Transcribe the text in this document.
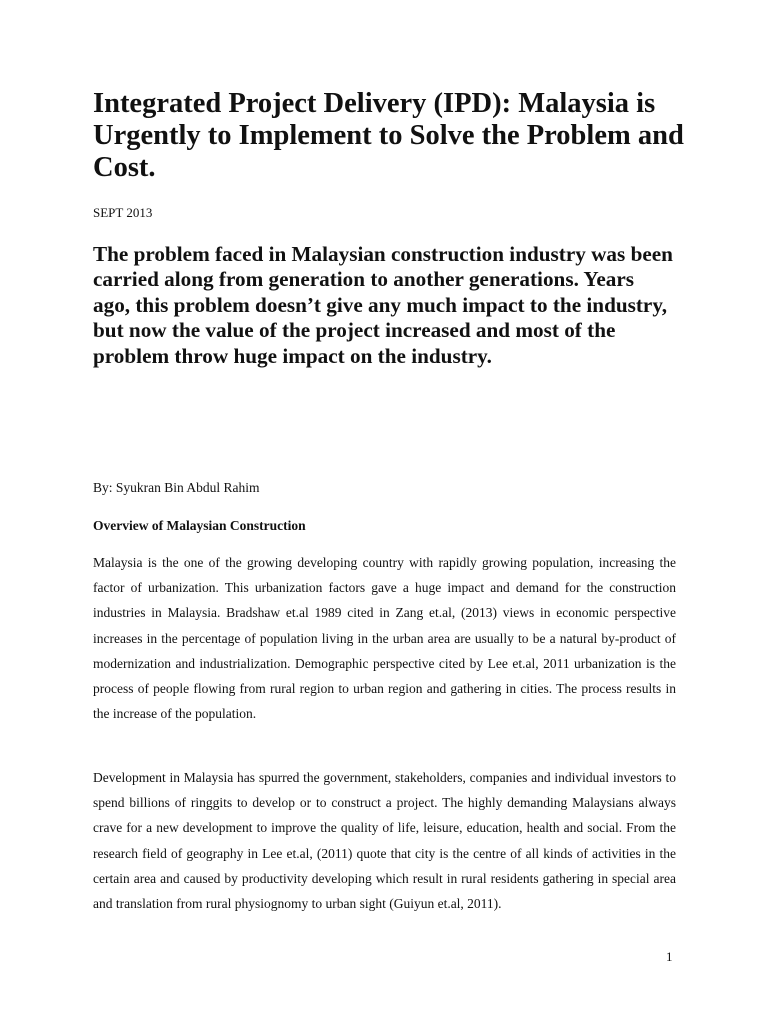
Integrated Project Delivery (IPD): Malaysia is Urgently to Implement to Solve the Problem and Cost.

SEPT 2013

The problem faced in Malaysian construction industry was been carried along from generation to another generations. Years ago, this problem doesn’t give any much impact to the industry, but now the value of the project increased and most of the problem throw huge impact on the industry.

By: Syukran Bin Abdul Rahim

Overview of Malaysian Construction

Malaysia is the one of the growing developing country with rapidly growing population, increasing the factor of urbanization. This urbanization factors gave a huge impact and demand for the construction industries in Malaysia. Bradshaw et.al 1989 cited in Zang et.al, (2013) views in economic perspective increases in the percentage of population living in the urban area are usually to be a natural by-product of modernization and industrialization. Demographic perspective cited by Lee et.al, 2011 urbanization is the process of people flowing from rural region to urban region and gathering in cities. The process results in the increase of the population.

Development in Malaysia has spurred the government, stakeholders, companies and individual investors to spend billions of ringgits to develop or to construct a project. The highly demanding Malaysians always crave for a new development to improve the quality of life, leisure, education, health and social. From the research field of geography in Lee et.al, (2011) quote that city is the centre of all kinds of activities in the certain area and caused by productivity developing which result in rural residents gathering in special area and translation from rural physiognomy to urban sight (Guiyun et.al, 2011).

1
